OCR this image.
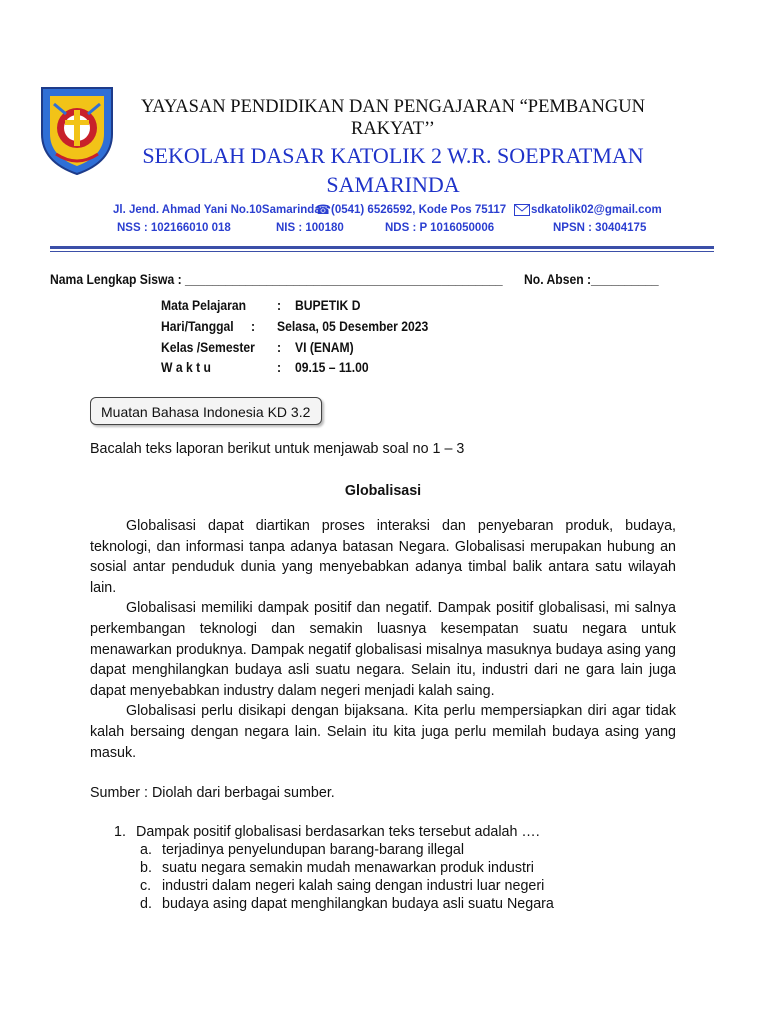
YAYASAN PENDIDIKAN DAN PENGAJARAN “PEMBANGUN
RAKYAT’’
SEKOLAH DASAR KATOLIK 2 W.R. SOEPRATMAN
SAMARINDA
Jl. Jend. Ahmad Yani No.10Samarinda
☎ (0541) 6526592, Kode Pos 75117 sdkatolik02@gmail.com
NSS : 102166010 018	NIS : 100180	NDS : P 1016050006	NPSN : 30404175
Nama Lengkap Siswa : _______________________________________________ No. Absen :__________
Mata Pelajaran : BUPETIK D
Hari/Tanggal : Selasa, 05 Desember 2023
Kelas /Semester : VI (ENAM)
W a k t u	: 09.15 – 11.00
Muatan Bahasa Indonesia KD 3.2
Bacalah teks laporan berikut untuk menjawab soal no 1 – 3
Globalisasi

Globalisasi dapat diartikan proses interaksi dan penyebaran produk, budaya, teknologi, dan informasi tanpa adanya batasan Negara. Globalisasi merupakan hubung an sosial antar penduduk dunia yang menyebabkan adanya timbal balik antara satu wilayah lain.

Globalisasi memiliki dampak positif dan negatif. Dampak positif globalisasi, mi salnya perkembangan teknologi dan semakin luasnya kesempatan suatu negara untuk menawarkan produknya. Dampak negatif globalisasi misalnya masuknya budaya asing yang dapat menghilangkan budaya asli suatu negara. Selain itu, industri dari ne gara lain juga dapat menyebabkan industry dalam negeri menjadi kalah saing.

Globalisasi perlu disikapi dengan bijaksana. Kita perlu mempersiapkan diri agar tidak kalah bersaing dengan negara lain. Selain itu kita juga perlu memilah budaya asing yang masuk.

Sumber : Diolah dari berbagai sumber.
1. Dampak positif globalisasi berdasarkan teks tersebut adalah ….
a. terjadinya penyelundupan barang-barang illegal
b. suatu negara semakin mudah menawarkan produk industri
c. industri dalam negeri kalah saing dengan industri luar negeri
d. budaya asing dapat menghilangkan budaya asli suatu Negara
